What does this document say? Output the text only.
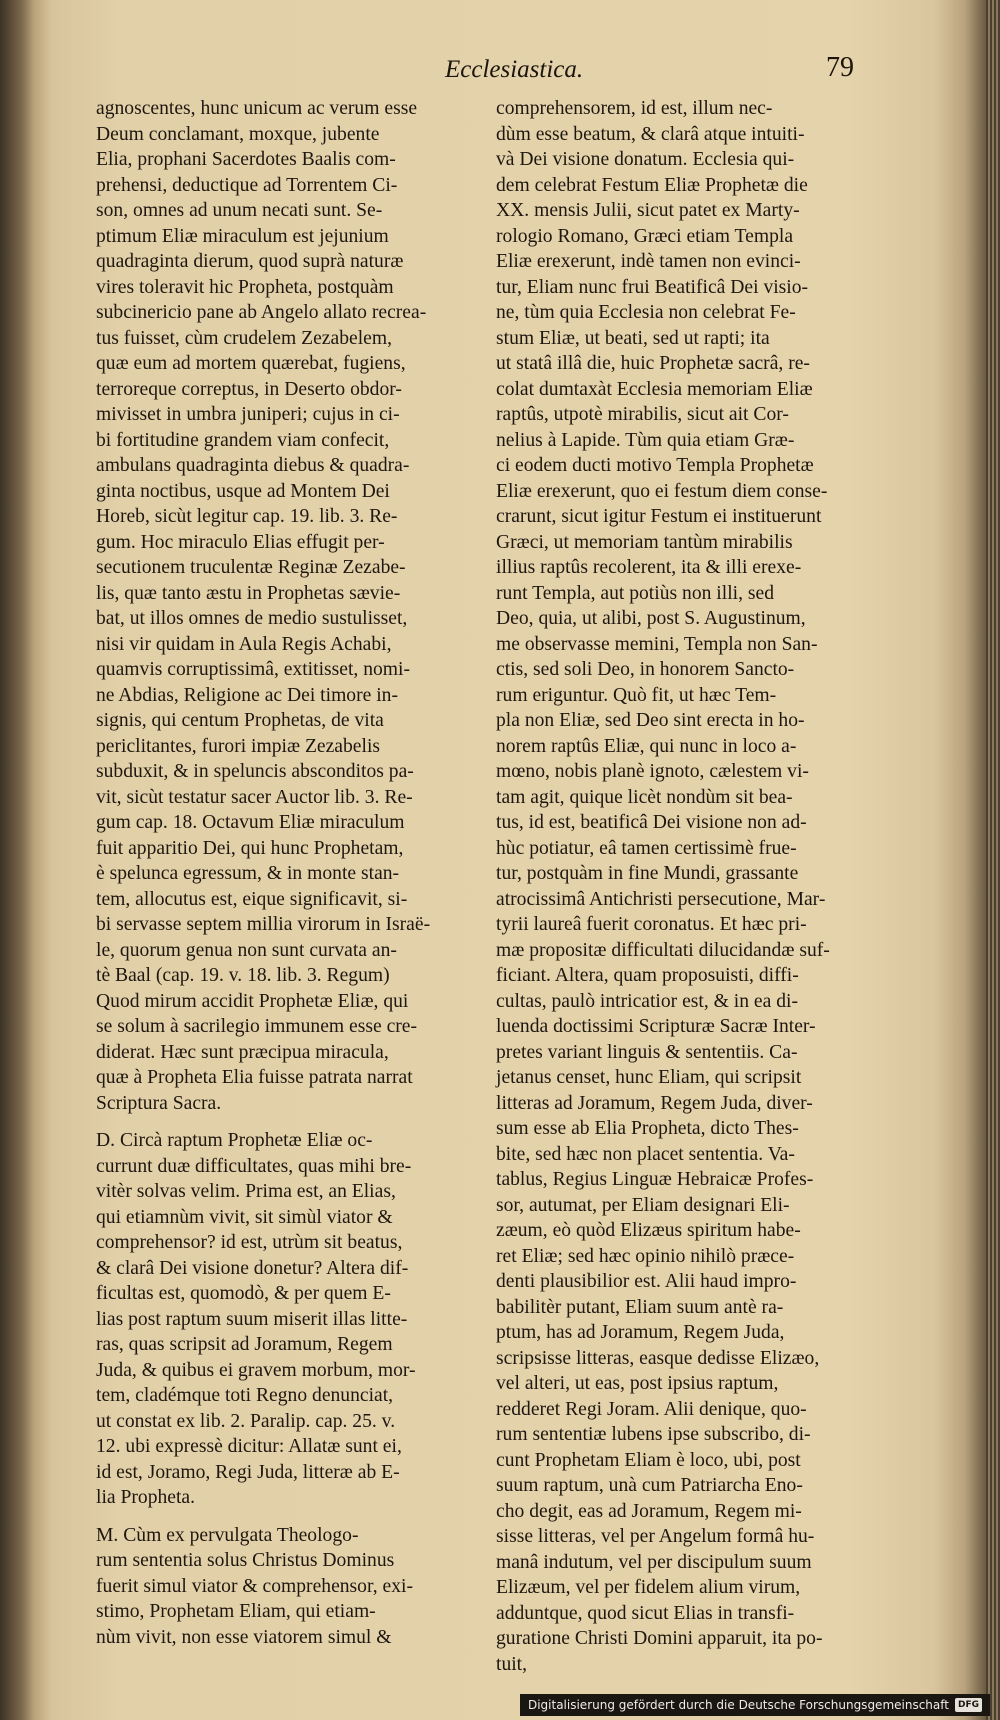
Ecclesiastica.	79
agnoscentes, hunc unicum ac verum esse
Deum conclamant, moxque, jubente
Elia, prophani Sacerdotes Baalis com-
prehensi, deductique ad Torrentem Ci-
son, omnes ad unum necati sunt. Se-
ptimum Eliæ miraculum est jejunium
quadraginta dierum, quod suprà naturæ
vires toleravit hic Propheta, postquàm
subcinericio pane ab Angelo allato recrea-
tus fuisset, cùm crudelem Zezabelem,
quæ eum ad mortem quærebat, fugiens,
terroreque correptus, in Deserto obdor-
mivisset in umbra juniperi; cujus in ci-
bi fortitudine grandem viam confecit,
ambulans quadraginta diebus & quadra-
ginta noctibus, usque ad Montem Dei
Horeb, sicùt legitur cap. 19. lib. 3. Re-
gum. Hoc miraculo Elias effugit per-
secutionem truculentæ Reginæ Zezabe-
lis, quæ tanto æstu in Prophetas sævie-
bat, ut illos omnes de medio sustulisset,
nisi vir quidam in Aula Regis Achabi,
quamvis corruptissimâ, extitisset, nomi-
ne Abdias, Religione ac Dei timore in-
signis, qui centum Prophetas, de vita
periclitantes, furori impiæ Zezabelis
subduxit, & in speluncis absconditos pa-
vit, sicùt testatur sacer Auctor lib. 3. Re-
gum cap. 18. Octavum Eliæ miraculum
fuit apparitio Dei, qui hunc Prophetam,
è spelunca egressum, & in monte stan-
tem, allocutus est, eique significavit, si-
bi servasse septem millia virorum in Israë-
le, quorum genua non sunt curvata an-
tè Baal (cap. 19. v. 18. lib. 3. Regum)
Quod mirum accidit Prophetæ Eliæ, qui
se solum à sacrilegio immunem esse cre-
diderat. Hæc sunt præcipua miracula,
quæ à Propheta Elia fuisse patrata narrat
Scriptura Sacra.
D. Circà raptum Prophetæ Eliæ oc-
currunt duæ difficultates, quas mihi bre-
vitèr solvas velim. Prima est, an Elias,
qui etiamnùm vivit, sit simùl viator &
comprehensor? id est, utrùm sit beatus,
& clarâ Dei visione donetur? Altera dif-
ficultas est, quomodò, & per quem E-
lias post raptum suum miserit illas litte-
ras, quas scripsit ad Joramum, Regem
Juda, & quibus ei gravem morbum, mor-
tem, cladémque toti Regno denunciat,
ut constat ex lib. 2. Paralip. cap. 25. v.
12. ubi expressè dicitur: Allatæ sunt ei,
id est, Joramo, Regi Juda, litteræ ab E-
lia Propheta.
M. Cùm ex pervulgata Theologo-
rum sententia solus Christus Dominus
fuerit simul viator & comprehensor, exi-
stimo, Prophetam Eliam, qui etiam-
nùm vivit, non esse viatorem simul &
comprehensorem, id est, illum nec-
dùm esse beatum, & clarâ atque intuiti-
và Dei visione donatum. Ecclesia qui-
dem celebrat Festum Eliæ Prophetæ die
XX. mensis Julii, sicut patet ex Marty-
rologio Romano, Græci etiam Templa
Eliæ erexerunt, indè tamen non evinci-
tur, Eliam nunc frui Beatificâ Dei visio-
ne, tùm quia Ecclesia non celebrat Fe-
stum Eliæ, ut beati, sed ut rapti; ita
ut statâ illâ die, huic Prophetæ sacrâ, re-
colat dumtaxàt Ecclesia memoriam Eliæ
raptûs, utpotè mirabilis, sicut ait Cor-
nelius à Lapide. Tùm quia etiam Græ-
ci eodem ducti motivo Templa Prophetæ
Eliæ erexerunt, quo ei festum diem conse-
crarunt, sicut igitur Festum ei instituerunt
Græci, ut memoriam tantùm mirabilis
illius raptûs recolerent, ita & illi erexe-
runt Templa, aut potiùs non illi, sed
Deo, quia, ut alibi, post S. Augustinum,
me observasse memini, Templa non San-
ctis, sed soli Deo, in honorem Sancto-
rum eriguntur. Quò fit, ut hæc Tem-
pla non Eliæ, sed Deo sint erecta in ho-
norem raptûs Eliæ, qui nunc in loco a-
mœno, nobis planè ignoto, cælestem vi-
tam agit, quique licèt nondùm sit bea-
tus, id est, beatificâ Dei visione non ad-
hùc potiatur, eâ tamen certissimè frue-
tur, postquàm in fine Mundi, grassante
atrocissimâ Antichristi persecutione, Mar-
tyrii laureâ fuerit coronatus. Et hæc pri-
mæ propositæ difficultati dilucidandæ suf-
ficiant. Altera, quam proposuisti, diffi-
cultas, paulò intricatior est, & in ea di-
luenda doctissimi Scripturæ Sacræ Inter-
pretes variant linguis & sententiis. Ca-
jetanus censet, hunc Eliam, qui scripsit
litteras ad Joramum, Regem Juda, diver-
sum esse ab Elia Propheta, dicto Thes-
bite, sed hæc non placet sententia. Va-
tablus, Regius Linguæ Hebraicæ Profes-
sor, autumat, per Eliam designari Eli-
zæum, eò quòd Elizæus spiritum habe-
ret Eliæ; sed hæc opinio nihilò præce-
denti plausibilior est. Alii haud impro-
babilitèr putant, Eliam suum antè ra-
ptum, has ad Joramum, Regem Juda,
scripsisse litteras, easque dedisse Elizæo,
vel alteri, ut eas, post ipsius raptum,
redderet Regi Joram. Alii denique, quo-
rum sententiæ lubens ipse subscribo, di-
cunt Prophetam Eliam è loco, ubi, post
suum raptum, unà cum Patriarcha Eno-
cho degit, eas ad Joramum, Regem mi-
sisse litteras, vel per Angelum formâ hu-
manâ indutum, vel per discipulum suum
Elizæum, vel per fidelem alium virum,
adduntque, quod sicut Elias in transfi-
guratione Christi Domini apparuit, ita po-
tuit,
Digitalisierung gefördert durch die Deutsche Forschungsgemeinschaft	DFG
